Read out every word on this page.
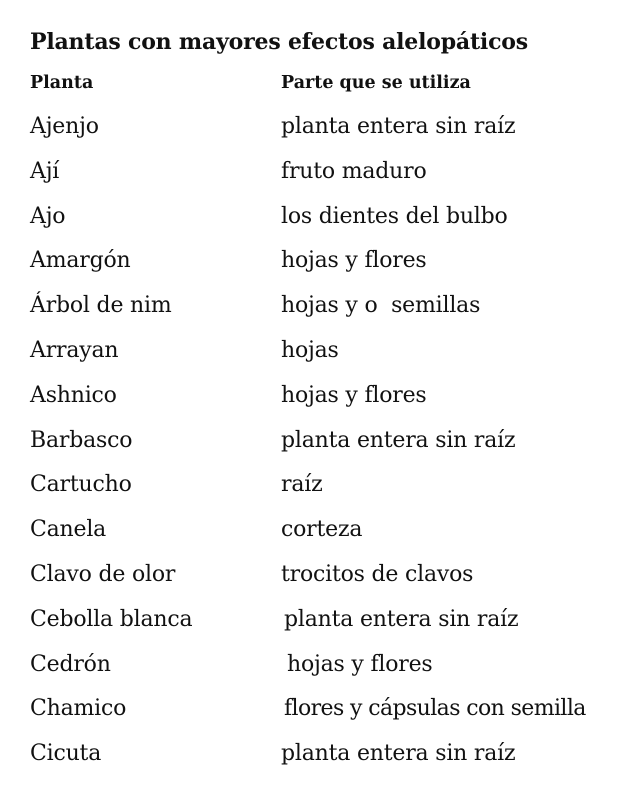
Plantas con mayores efectos alelopáticos
Planta	Parte que se utiliza
Ajenjo	planta entera sin raíz
Ají	fruto maduro
Ajo	los dientes del bulbo
Amargón	hojas y flores
Árbol de nim	hojas y o  semillas
Arrayan	hojas
Ashnico	hojas y flores
Barbasco	planta entera sin raíz
Cartucho	raíz
Canela	corteza
Clavo de olor	trocitos de clavos
Cebolla blanca	planta entera sin raíz
Cedrón	hojas y flores
Chamico	flores y cápsulas con semilla
Cicuta	planta entera sin raíz
